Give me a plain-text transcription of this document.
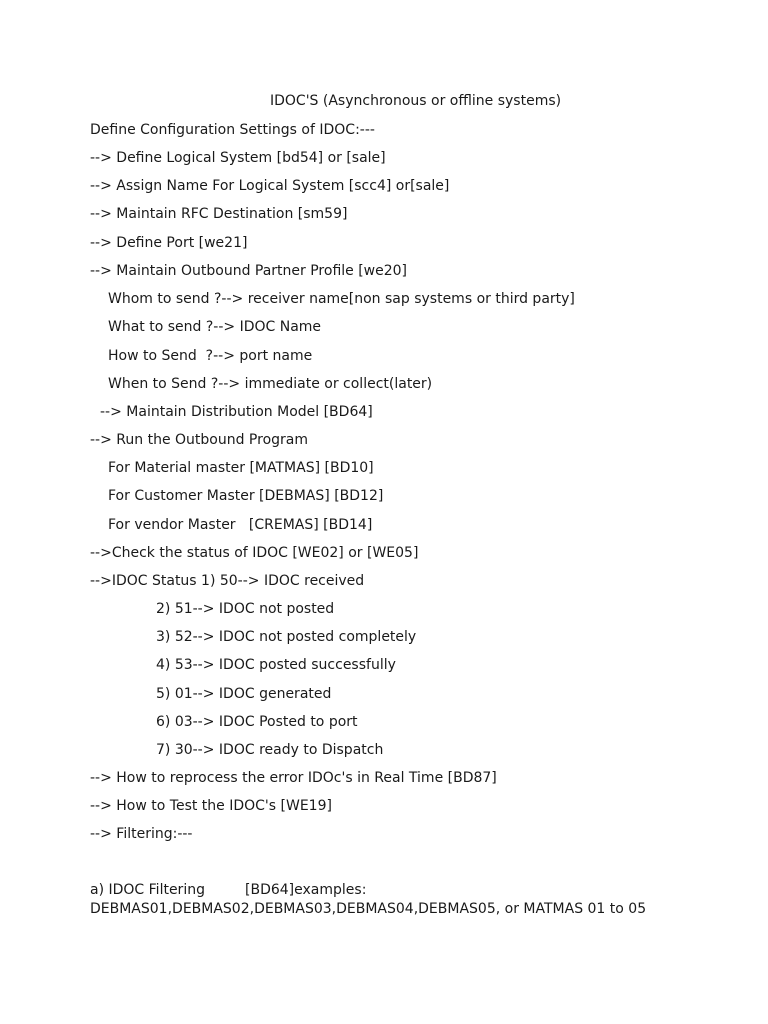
IDOC'S (Asynchronous or offline systems)
Define Configuration Settings of IDOC:---
--> Define Logical System [bd54] or [sale]
--> Assign Name For Logical System [scc4] or[sale]
--> Maintain RFC Destination [sm59]
--> Define Port [we21]
--> Maintain Outbound Partner Profile [we20]
Whom to send ?--> receiver name[non sap systems or third party]
What to send ?--> IDOC Name
How to Send  ?--> port name
When to Send ?--> immediate or collect(later)
--> Maintain Distribution Model [BD64]
--> Run the Outbound Program
For Material master [MATMAS] [BD10]
For Customer Master [DEBMAS] [BD12]
For vendor Master   [CREMAS] [BD14]
-->Check the status of IDOC [WE02] or [WE05]
-->IDOC Status 1) 50--> IDOC received
2) 51--> IDOC not posted
3) 52--> IDOC not posted completely
4) 53--> IDOC posted successfully
5) 01--> IDOC generated
6) 03--> IDOC Posted to port
7) 30--> IDOC ready to Dispatch
--> How to reprocess the error IDOc's in Real Time [BD87]
--> How to Test the IDOC's [WE19]
--> Filtering:---
a) IDOC Filtering         [BD64]examples:
DEBMAS01,DEBMAS02,DEBMAS03,DEBMAS04,DEBMAS05, or MATMAS 01 to 05
